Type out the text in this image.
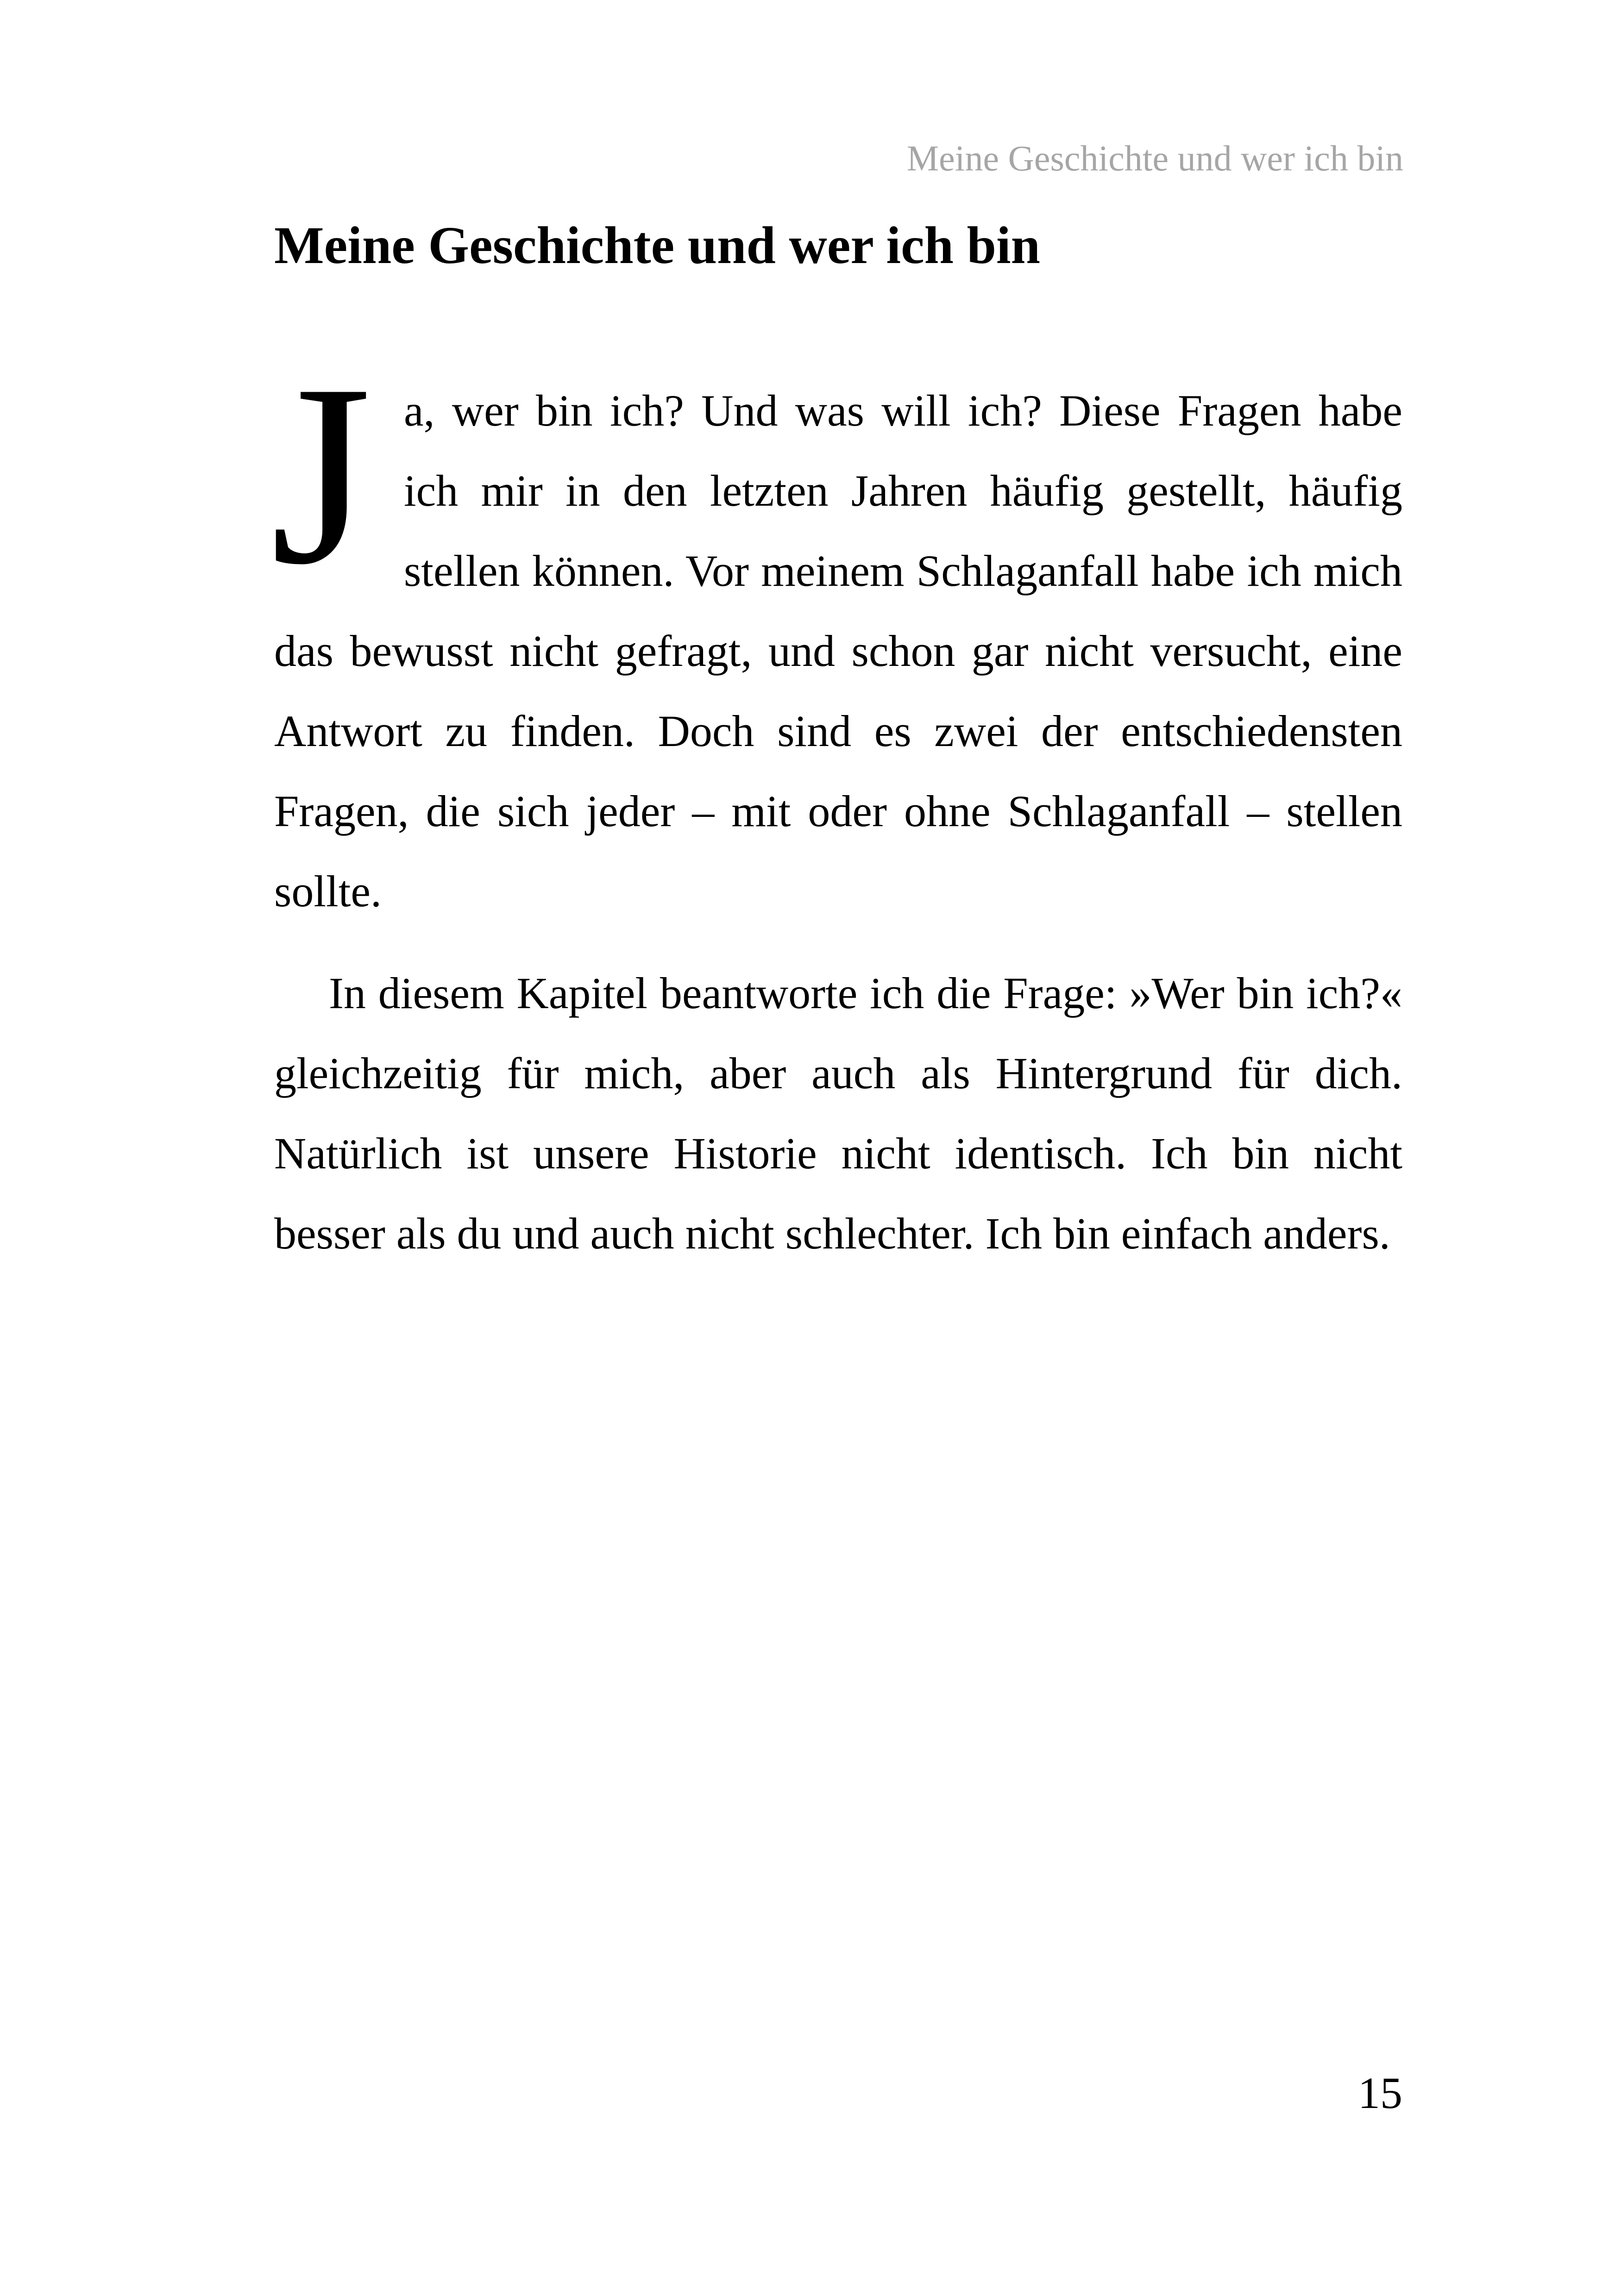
Meine Geschichte und wer ich bin
Meine Geschichte und wer ich bin

J a, wer bin ich? Und was will ich? Diese Fragen habe ich mir in den letzten Jahren häufig gestellt, häufig stellen können. Vor meinem Schlaganfall habe ich mich das bewusst nicht gefragt, und schon gar nicht versucht, eine Antwort zu finden. Doch sind es zwei der entschiedensten Fragen, die sich jeder – mit oder ohne Schlaganfall – stellen sollte.

In diesem Kapitel beantworte ich die Frage: »Wer bin ich?« gleichzeitig für mich, aber auch als Hintergrund für dich. Natürlich ist unsere Historie nicht identisch. Ich bin nicht besser als du und auch nicht schlechter. Ich bin einfach anders.

15
